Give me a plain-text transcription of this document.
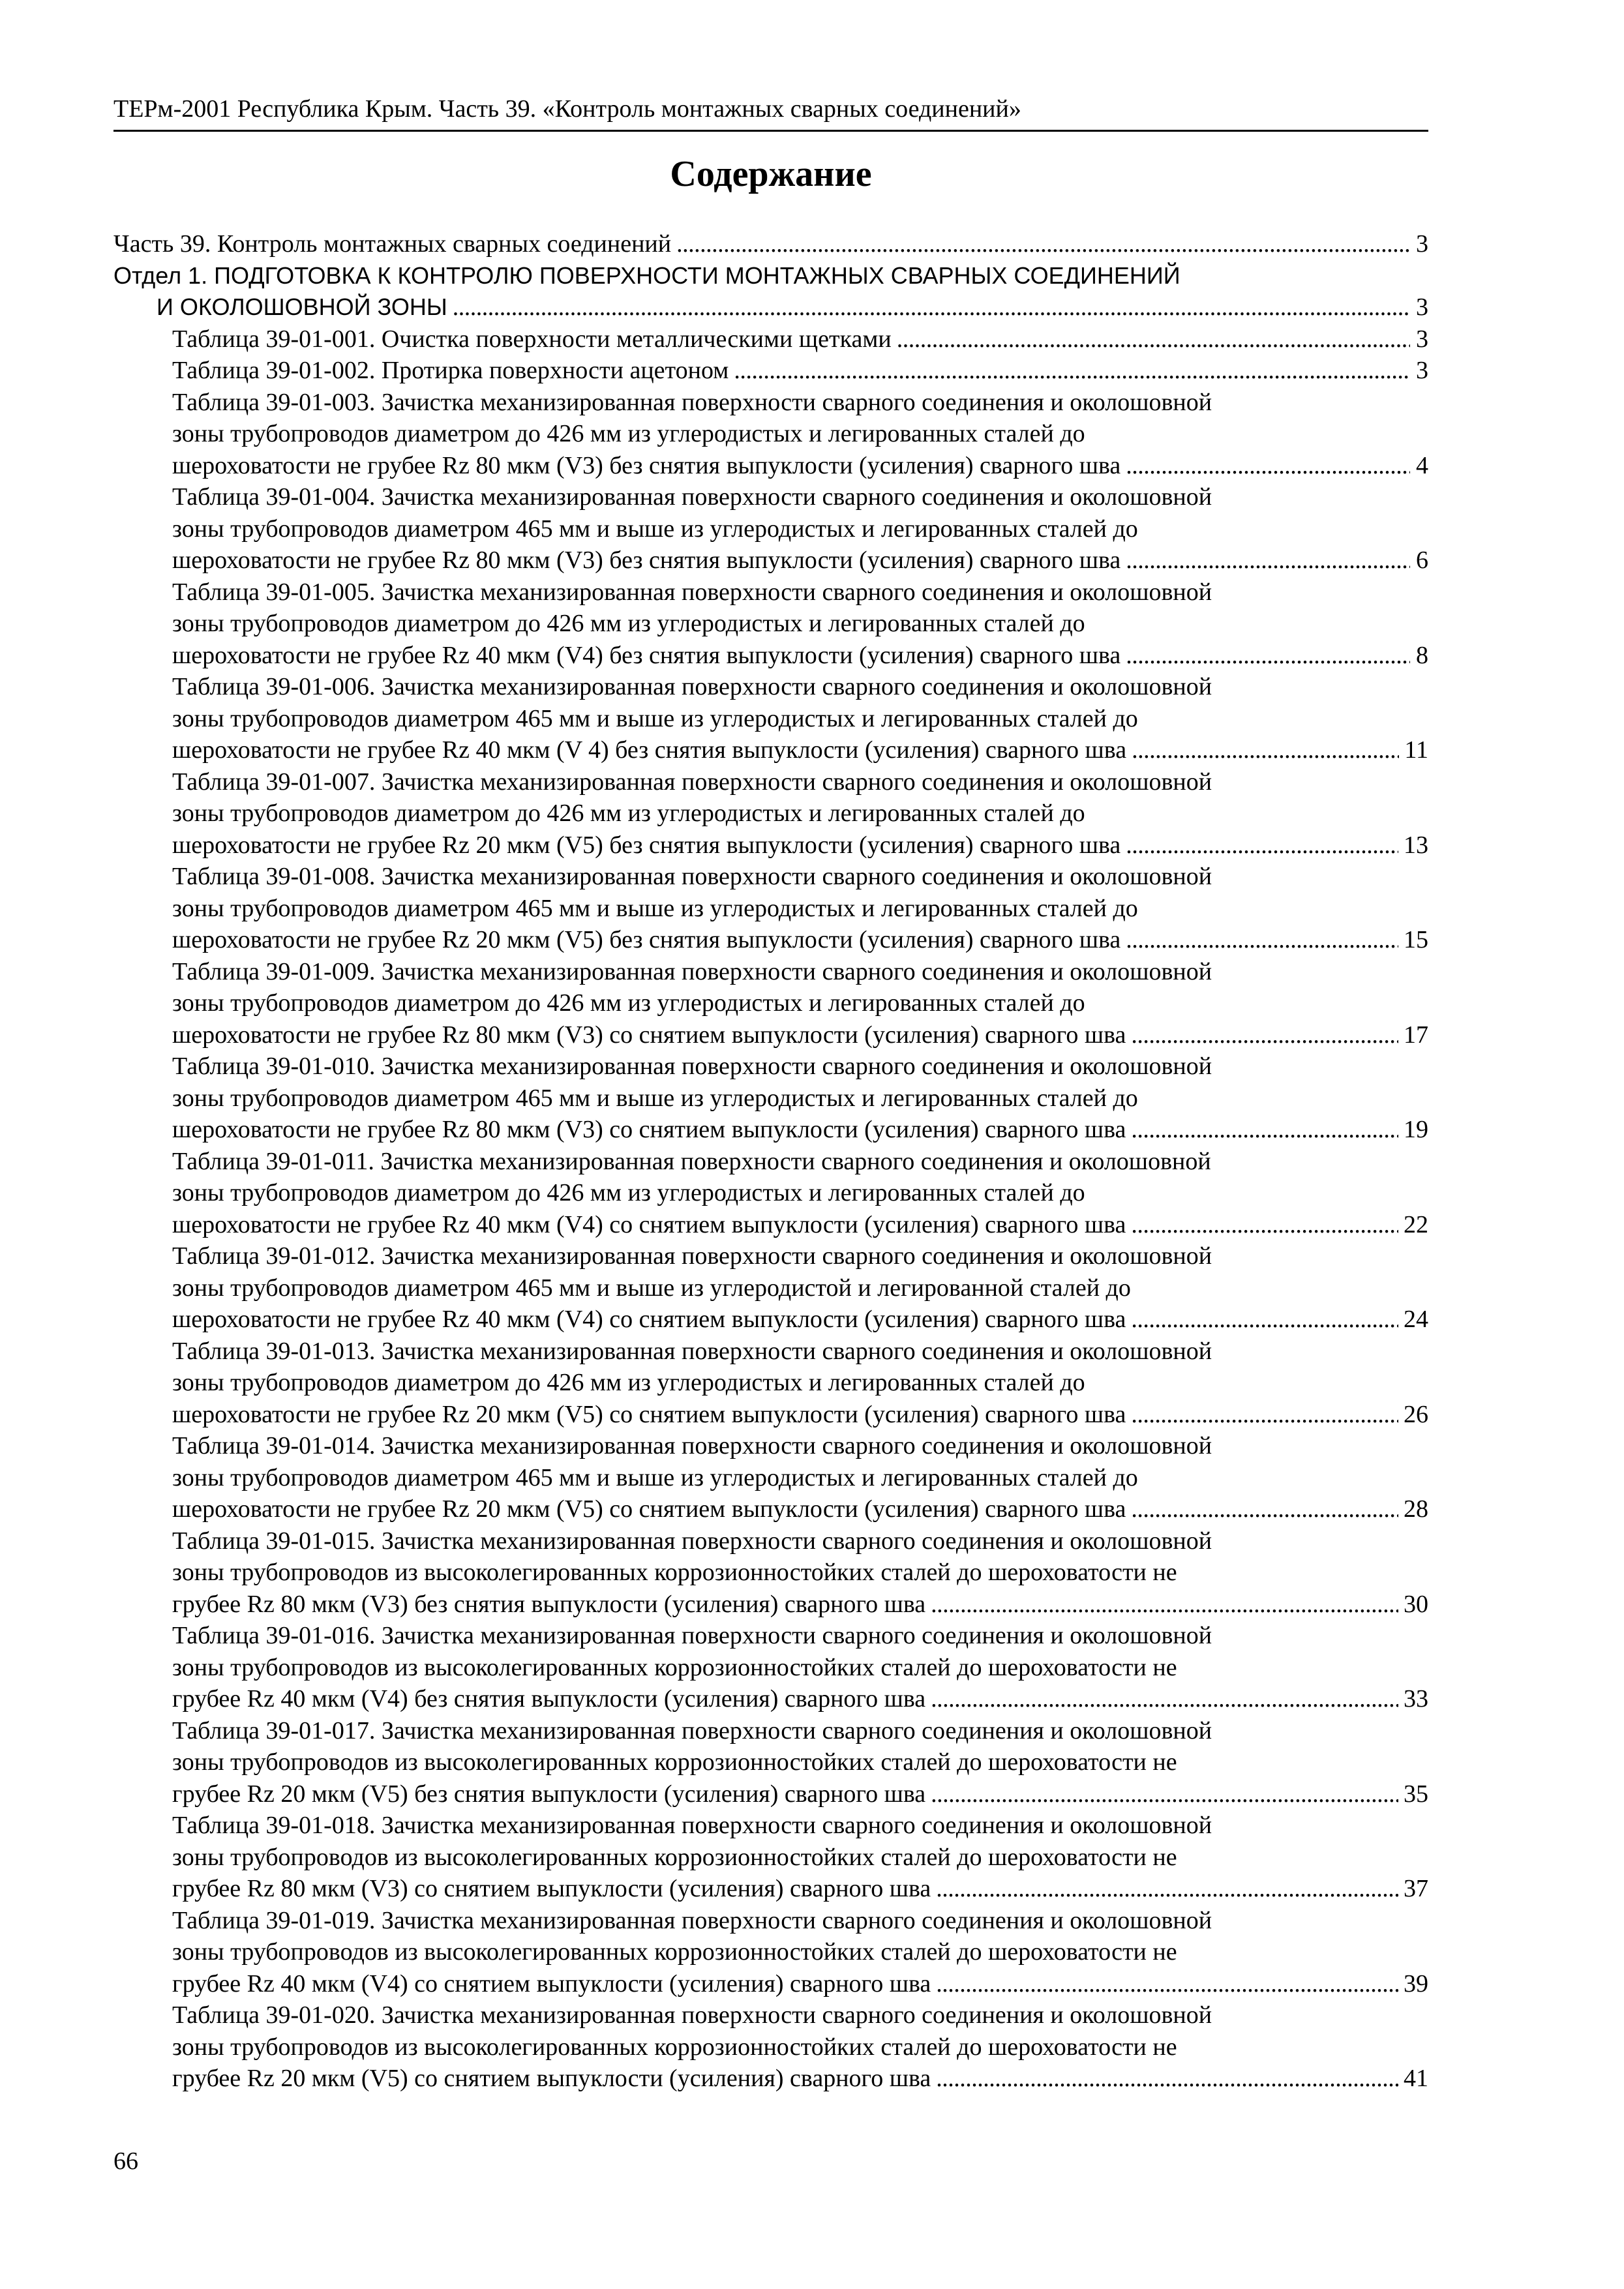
ТЕРм-2001 Республика Крым. Часть 39. «Контроль монтажных сварных соединений»
Содержание
Часть 39. Контроль монтажных сварных соединений . . .	3
Отдел 1. ПОДГОТОВКА К КОНТРОЛЮ ПОВЕРХНОСТИ МОНТАЖНЫХ СВАРНЫХ СОЕДИНЕНИЙ
И ОКОЛОШОВНОЙ ЗОНЫ . . .	3
Таблица 39-01-001. Очистка поверхности металлическими щетками . . .	3
Таблица 39-01-002. Протирка поверхности ацетоном . . .	3
Таблица 39-01-003. Зачистка механизированная поверхности сварного соединения и околошовной
зоны трубопроводов диаметром до 426 мм из углеродистых и легированных сталей до
шероховатости не грубее Rz 80 мкм (V3) без снятия выпуклости (усиления) сварного шва . . .	4
Таблица 39-01-004. Зачистка механизированная поверхности сварного соединения и околошовной
зоны трубопроводов диаметром 465 мм и выше из углеродистых и легированных сталей до
шероховатости не грубее Rz 80 мкм (V3) без снятия выпуклости (усиления) сварного шва . . .	6
Таблица 39-01-005. Зачистка механизированная поверхности сварного соединения и околошовной
зоны трубопроводов диаметром до 426 мм из углеродистых и легированных сталей до
шероховатости не грубее Rz 40 мкм (V4) без снятия выпуклости (усиления) сварного шва . . .	8
Таблица 39-01-006. Зачистка механизированная поверхности сварного соединения и околошовной
зоны трубопроводов диаметром 465 мм и выше из углеродистых и легированных сталей до
шероховатости не грубее Rz 40 мкм (V 4) без снятия выпуклости (усиления) сварного шва . . .	11
Таблица 39-01-007. Зачистка механизированная поверхности сварного соединения и околошовной
зоны трубопроводов диаметром до 426 мм из углеродистых и легированных сталей до
шероховатости не грубее Rz 20 мкм (V5) без снятия выпуклости (усиления) сварного шва . . .	13
Таблица 39-01-008. Зачистка механизированная поверхности сварного соединения и околошовной
зоны трубопроводов диаметром 465 мм и выше из углеродистых и легированных сталей до
шероховатости не грубее Rz 20 мкм (V5) без снятия выпуклости (усиления) сварного шва . . .	15
Таблица 39-01-009. Зачистка механизированная поверхности сварного соединения и околошовной
зоны трубопроводов диаметром до 426 мм из углеродистых и легированных сталей до
шероховатости не грубее Rz 80 мкм (V3) со снятием выпуклости (усиления) сварного шва . . .	17
Таблица 39-01-010. Зачистка механизированная поверхности сварного соединения и околошовной
зоны трубопроводов диаметром 465 мм и выше из углеродистых и легированных сталей до
шероховатости не грубее Rz 80 мкм (V3) со снятием выпуклости (усиления) сварного шва . . .	19
Таблица 39-01-011. Зачистка механизированная поверхности сварного соединения и околошовной
зоны трубопроводов диаметром до 426 мм из углеродистых и легированных сталей до
шероховатости не грубее Rz 40 мкм (V4) со снятием выпуклости (усиления) сварного шва . . .	22
Таблица 39-01-012. Зачистка механизированная поверхности сварного соединения и околошовной
зоны трубопроводов диаметром 465 мм и выше из углеродистой и легированной сталей до
шероховатости не грубее Rz 40 мкм (V4) со снятием выпуклости (усиления) сварного шва . . .	24
Таблица 39-01-013. Зачистка механизированная поверхности сварного соединения и околошовной
зоны трубопроводов диаметром до 426 мм из углеродистых и легированных сталей до
шероховатости не грубее Rz 20 мкм (V5) со снятием выпуклости (усиления) сварного шва . . .	26
Таблица 39-01-014. Зачистка механизированная поверхности сварного соединения и околошовной
зоны трубопроводов диаметром 465 мм и выше из углеродистых и легированных сталей до
шероховатости не грубее Rz 20 мкм (V5) со снятием выпуклости (усиления) сварного шва . . .	28
Таблица 39-01-015. Зачистка механизированная поверхности сварного соединения и околошовной
зоны трубопроводов из высоколегированных коррозионностойких сталей до шероховатости не
грубее Rz 80 мкм (V3) без снятия выпуклости (усиления) сварного шва . . .	30
Таблица 39-01-016. Зачистка механизированная поверхности сварного соединения и околошовной
зоны трубопроводов из высоколегированных коррозионностойких сталей до шероховатости не
грубее Rz 40 мкм (V4) без снятия выпуклости (усиления) сварного шва . . .	33
Таблица 39-01-017. Зачистка механизированная поверхности сварного соединения и околошовной
зоны трубопроводов из высоколегированных коррозионностойких сталей до шероховатости не
грубее Rz 20 мкм (V5) без снятия выпуклости (усиления) сварного шва . . .	35
Таблица 39-01-018. Зачистка механизированная поверхности сварного соединения и околошовной
зоны трубопроводов из высоколегированных коррозионностойких сталей до шероховатости не
грубее Rz 80 мкм (V3) со снятием выпуклости (усиления) сварного шва . . .	37
Таблица 39-01-019. Зачистка механизированная поверхности сварного соединения и околошовной
зоны трубопроводов из высоколегированных коррозионностойких сталей до шероховатости не
грубее Rz 40 мкм (V4) со снятием выпуклости (усиления) сварного шва . . .	39
Таблица 39-01-020. Зачистка механизированная поверхности сварного соединения и околошовной
зоны трубопроводов из высоколегированных коррозионностойких сталей до шероховатости не
грубее Rz 20 мкм (V5) со снятием выпуклости (усиления) сварного шва . . .	41
66
